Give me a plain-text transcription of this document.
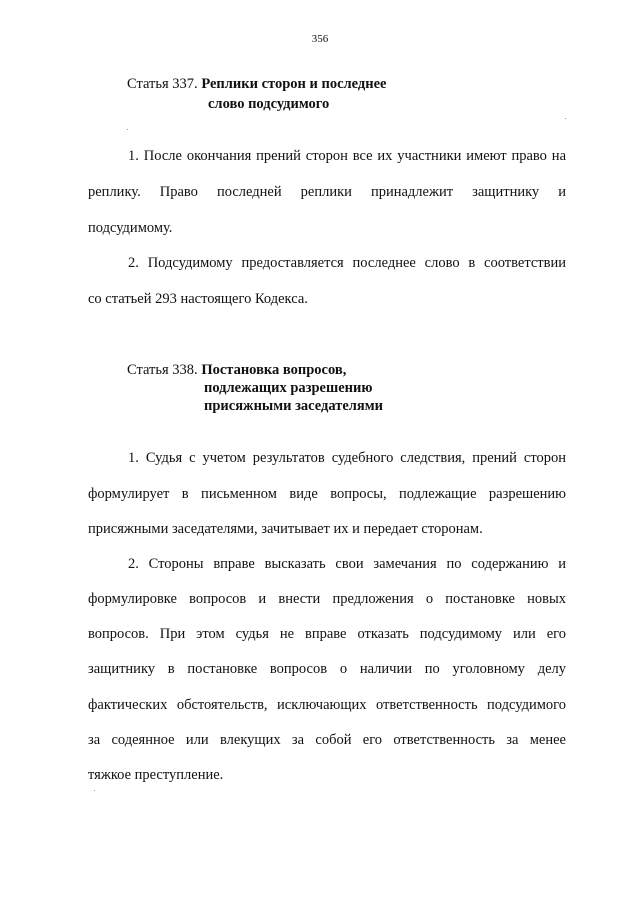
356
Статья 337. Реплики сторон и последнее
слово подсудимого
1. После окончания прений сторон все их участники имеют право на
реплику. Право последней реплики принадлежит защитнику и
подсудимому.
2. Подсудимому предоставляется последнее слово в соответствии
со статьей 293 настоящего Кодекса.
Статья 338. Постановка вопросов,
подлежащих разрешению
присяжными заседателями
1. Судья с учетом результатов судебного следствия, прений сторон
формулирует в письменном виде вопросы, подлежащие разрешению
присяжными заседателями, зачитывает их и передает сторонам.
2. Стороны вправе высказать свои замечания по содержанию и
формулировке вопросов и внести предложения о постановке новых
вопросов. При этом судья не вправе отказать подсудимому или его
защитнику в постановке вопросов о наличии по уголовному делу
фактических обстоятельств, исключающих ответственность подсудимого
за содеянное или влекущих за собой его ответственность за менее
тяжкое преступление.
